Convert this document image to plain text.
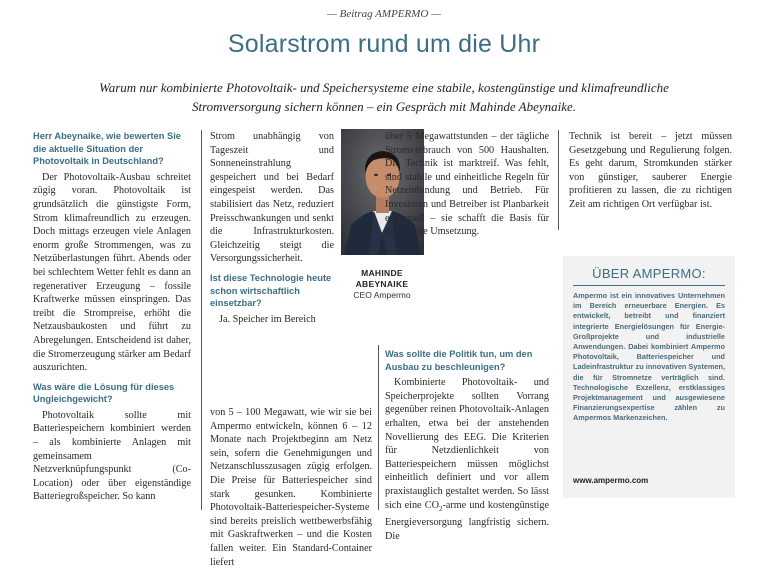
— Beitrag AMPERMO —
Solarstrom rund um die Uhr
Warum nur kombinierte Photovoltaik- und Speichersysteme eine stabile, kostengünstige und klimafreundliche Stromversorgung sichern können – ein Gespräch mit Mahinde Abeynaike.
Herr Abeynaike, wie bewerten Sie die aktuelle Situation der Photovoltaik in Deutschland?

Der Photovoltaik-Ausbau schreitet zügig voran. Photovoltaik ist grundsätzlich die günstigste Form, Strom klimafreundlich zu erzeugen. Doch mittags erzeugen viele Anlagen enorm große Strommengen, was zu Netzüberlastungen führt. Abends oder bei schlechtem Wetter fehlt es dann an regenerativer Erzeugung – fossile Kraftwerke müssen einspringen. Das treibt die Strompreise, erhöht die Netzausbaukosten und führt zu Abregelungen. Entscheidend ist daher, die Stromerzeugung stärker am Bedarf auszurichten.

Was wäre die Lösung für dieses Ungleichgewicht?

Photovoltaik sollte mit Batteriespeichern kombiniert werden – als kombinierte Anlagen mit gemeinsamem Netzverknüpfungspunkt (Co-Location) oder über eigenständige Batteriegroßspeicher. So kann

Strom unabhängig von Tageszeit und Sonneneinstrahlung gespeichert und bei Bedarf eingespeist werden. Das stabilisiert das Netz, reduziert Preisschwankungen und senkt die Infrastrukturkosten. Gleichzeitig steigt die Versorgungssicherheit.

Ist diese Technologie heute schon wirtschaftlich einsetzbar?

Ja. Speicher im Bereich

von 5 – 100 Megawatt, wie wir sie bei Ampermo entwickeln, können 6 – 12 Monate nach Projektbeginn am Netz sein, sofern die Genehmigungen und Netzanschlusszusagen zügig erfolgen. Die Preise für Batteriespeicher sind stark gesunken. Kombinierte Photovoltaik-Batteriespeicher-Systeme sind bereits preislich wettbewerbsfähig mit Gaskraftwerken – und die Kosten fallen weiter. Ein Standard-Container liefert

MAHINDE
ABEYNAIKE
CEO Ampermo

über 5 Megawattstunden – der tägliche Stromverbrauch von 500 Haushalten. Die Technik ist marktreif. Was fehlt, sind stabile und einheitliche Regeln für Netzeinbindung und Betrieb. Für Investoren und Betreiber ist Planbarkeit essenziell – sie schafft die Basis für eine breite Umsetzung.

Was sollte die Politik tun, um den Ausbau zu beschleunigen?

Kombinierte Photovoltaik- und Speicherprojekte sollten Vorrang gegenüber reinen Photovoltaik-Anlagen erhalten, etwa bei der anstehenden Novellierung des EEG. Die Kriterien für Netzdienlichkeit von Batteriespeichern müssen möglichst einheitlich definiert und vor allem praxistauglich gestaltet werden. So lässt sich eine $CO_2$-arme und kostengünstige Energieversorgung langfristig sichern. Die

Technik ist bereit – jetzt müssen Gesetzgebung und Regulierung folgen. Es geht darum, Stromkunden stärker von günstiger, sauberer Energie profitieren zu lassen, die zu richtigen Zeit am richtigen Ort verfügbar ist.

ÜBER AMPERMO:
Ampermo ist ein innovatives Unternehmen im Bereich erneuerbare Energien. Es entwickelt, betreibt und finanziert integrierte Energielösungen für Energie-Großprojekte und industrielle Anwendungen. Dabei kombiniert Ampermo Photovoltaik, Batteriespeicher und Ladeinfrastruktur zu innovativen Systemen, die für Stromnetze verträglich sind. Technologische Exzellenz, erstklassiges Projektmanagement und ausgewiesene Finanzierungsexpertise zählen zu Ampermos Markenzeichen.
www.ampermo.com
